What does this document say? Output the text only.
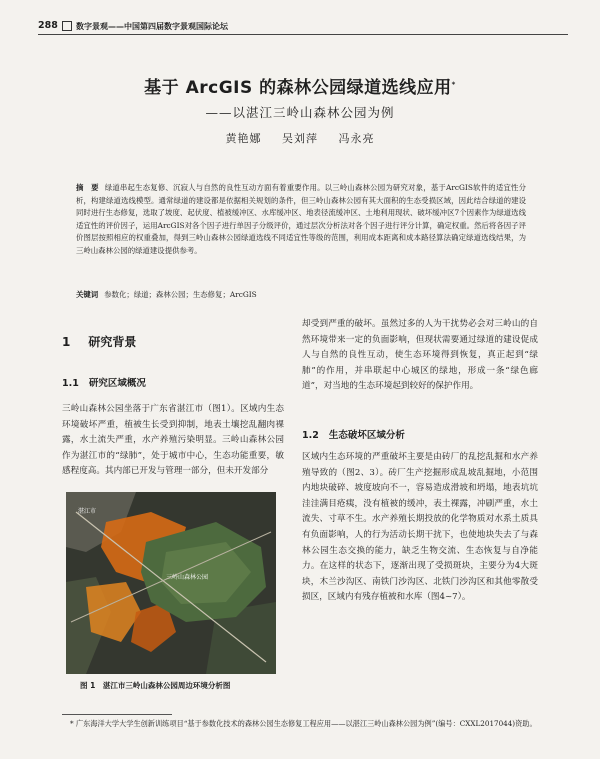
288 数字景观——中国第四届数字景观国际论坛
基于 ArcGIS 的森林公园绿道选线应用*
——以湛江三岭山森林公园为例
黄艳娜 吴刘萍 冯永亮
摘　要 绿道串起生态复修、沉寂人与自然的良性互动方面有着重要作用。以三岭山森林公园为研究对象，基于ArcGIS软件的适宜性分析，构建绿道选线模型。通常绿道的建设都是依据相关规划的条件，但三岭山森林公园有其大面积的生态受损区域，因此结合绿道的建设同时进行生态修复，选取了坡度、起伏度、植被缓冲区、水库缓冲区、地表径流缓冲区、土地利用现状、破坏缓冲区7个因素作为绿道选线适宜性的评价因子，运用ArcGIS对各个因子进行单因子分级评价，通过层次分析法对各个因子进行评分计算，确定权重。然后将各因子评价图层按照相应的权重叠加，得到三岭山森林公园绿道选线不同适宜性等级的范围，利用成本距离和成本路径算法确定绿道选线结果，为三岭山森林公园的绿道建设提供参考。
关键词 参数化；绿道；森林公园；生态修复；ArcGIS
1 研究背景
1.1 研究区域概况
三岭山森林公园坐落于广东省湛江市（图1）。区域内生态环境破坏严重，植被生长受到抑制，地表土壤挖乱翻肉裸露，水土流失严重，水产养殖污染明显。三岭山森林公园作为湛江市的“绿肺”，处于城市中心，生态功能重要，敏感程度高。其内部已开发与管理一部分，但未开发部分
湛江市
三岭山森林公园
图 1　湛江市三岭山森林公园周边环境分析图
却受到严重的破坏。虽然过多的人为干扰势必会对三岭山的自然环境带来一定的负面影响，但现状需要通过绿道的建设促成人与自然的良性互动，使生态环境得到恢复，真正起到“绿肺”的作用，并串联起中心城区的绿地，形成一条“绿色廊道”，对当地的生态环境起到较好的保护作用。
1.2 生态破坏区域分析
区域内生态环境的严重破坏主要是由砖厂的乱挖乱掘和水产养殖导致的（图2、3）。砖厂生产挖掘形成乱坡乱掘地，小范围内地块破碎、坡度坡向不一，容易造成滑坡和坍塌，地表坑坑洼洼满目疮痍，没有植被的缓冲，表土裸露，冲刷严重，水土流失、寸草不生。水产养殖长期投放的化学物质对水系土质具有负面影响，人的行为活动长期干扰下，也使地块失去了与森林公园生态交换的能力，缺乏生物交流、生态恢复与自净能力。在这样的状态下，逐渐出现了受损斑块，主要分为4大斑块，木兰沙沟区、南铁门沙沟区、北铁门沙沟区和其他零散受损区，区域内有残存植被和水库（图4~7）。
* 广东海洋大学大学生创新训练项目“基于参数化技术的森林公园生态修复工程应用——以湛江三岭山森林公园为例”(编号：CXXL2017044)资助。
